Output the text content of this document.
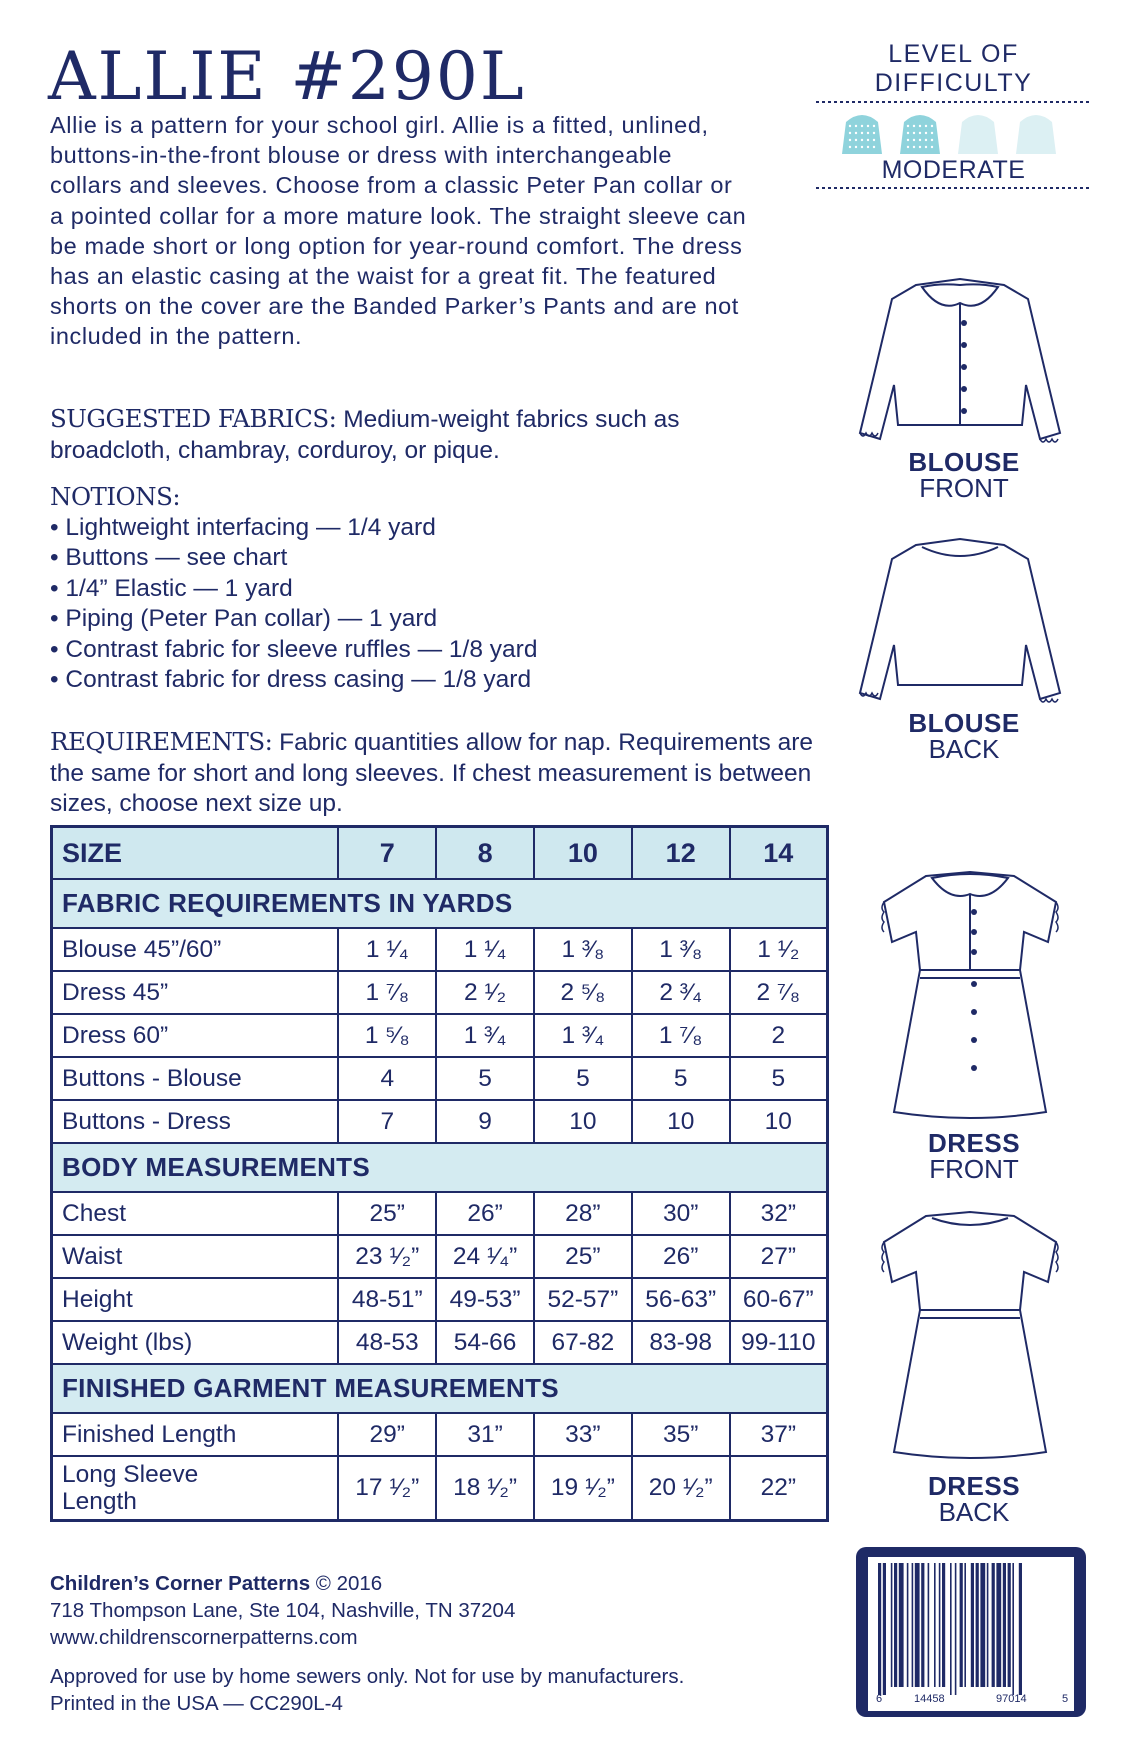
ALLIE #290L
Allie is a pattern for your school girl. Allie is a fitted, unlined, buttons-in-the-front blouse or dress with interchangeable collars and sleeves. Choose from a classic Peter Pan collar or a pointed collar for a more mature look. The straight sleeve can be made short or long option for year-round comfort. The dress has an elastic casing at the waist for a great fit. The featured shorts on the cover are the Banded Parker’s Pants and are not included in the pattern.
SUGGESTED FABRICS: Medium-weight fabrics such as broadcloth, chambray, corduroy, or pique.
NOTIONS:
• Lightweight interfacing — 1/4 yard
• Buttons — see chart
• 1/4” Elastic — 1 yard
• Piping (Peter Pan collar) — 1 yard
• Contrast fabric for sleeve ruffles — 1/8 yard
• Contrast fabric for dress casing — 1/8 yard
REQUIREMENTS: Fabric quantities allow for nap. Requirements are the same for short and long sleeves. If chest measurement is between sizes, choose next size up.
SIZE	7	8	10	12	14
FABRIC REQUIREMENTS IN YARDS					
Blouse 45”/60”	1 ¹⁄₄	1 ¹⁄₄	1 ³⁄₈	1 ³⁄₈	1 ¹⁄₂
Dress 45”	1 ⁷⁄₈	2 ¹⁄₂	2 ⁵⁄₈	2 ³⁄₄	2 ⁷⁄₈
Dress 60”	1 ⁵⁄₈	1 ³⁄₄	1 ³⁄₄	1 ⁷⁄₈	2
Buttons - Blouse	4	5	5	5	5
Buttons - Dress	7	9	10	10	10
BODY MEASUREMENTS					
Chest	25”	26”	28”	30”	32”
Waist	23 ¹⁄₂”	24 ¹⁄₄”	25”	26”	27”
Height	48-51”	49-53”	52-57”	56-63”	60-67”
Weight (lbs)	48-53	54-66	67-82	83-98	99-110
FINISHED GARMENT MEASUREMENTS					
Finished Length	29”	31”	33”	35”	37”
Long Sleeve Length	17 ¹⁄₂”	18 ¹⁄₂”	19 ¹⁄₂”	20 ¹⁄₂”	22”
Children’s Corner Patterns © 2016
718 Thompson Lane, Ste 104, Nashville, TN 37204
www.childrenscornerpatterns.com
Approved for use by home sewers only. Not for use by manufacturers.
Printed in the USA — CC290L-4
LEVEL OF DIFFICULTY
MODERATE
BLOUSE
FRONT
BLOUSE
BACK
DRESS
FRONT
DRESS
BACK
6	14458	97014	5
